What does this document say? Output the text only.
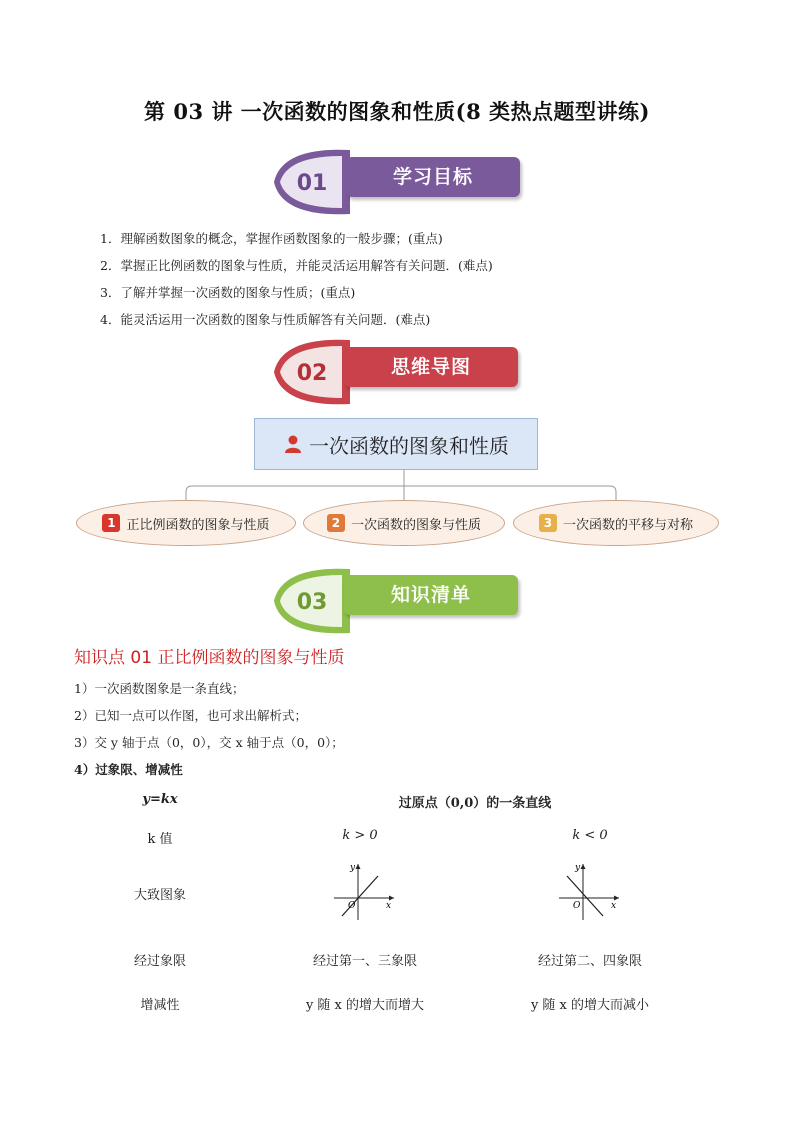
第 03 讲 一次函数的图象和性质(8 类热点题型讲练)
01	学习目标
1．理解函数图象的概念，掌握作函数图象的一般步骤；(重点)
2．掌握正比例函数的图象与性质，并能灵活运用解答有关问题．(难点)
3．了解并掌握一次函数的图象与性质；(重点)
4．能灵活运用一次函数的图象与性质解答有关问题．(难点)
02	思维导图
一次函数的图象和性质
1 正比例函数的图象与性质	2 一次函数的图象与性质	3 一次函数的平移与对称
03	知识清单
知识点 01 正比例函数的图象与性质
1）一次函数图象是一条直线；
2）已知一点可以作图，也可求出解析式；
3）交 y 轴于点（0，0），交 x 轴于点（0，0）；
4）过象限、增减性
y=kx	过原点（0,0）的一条直线
k 值	k > 0	k < 0
大致图象
y
x
O
y
x
O
经过象限	经过第一、三象限	经过第二、四象限
增减性	y 随 x 的增大而增大	y 随 x 的增大而减小
